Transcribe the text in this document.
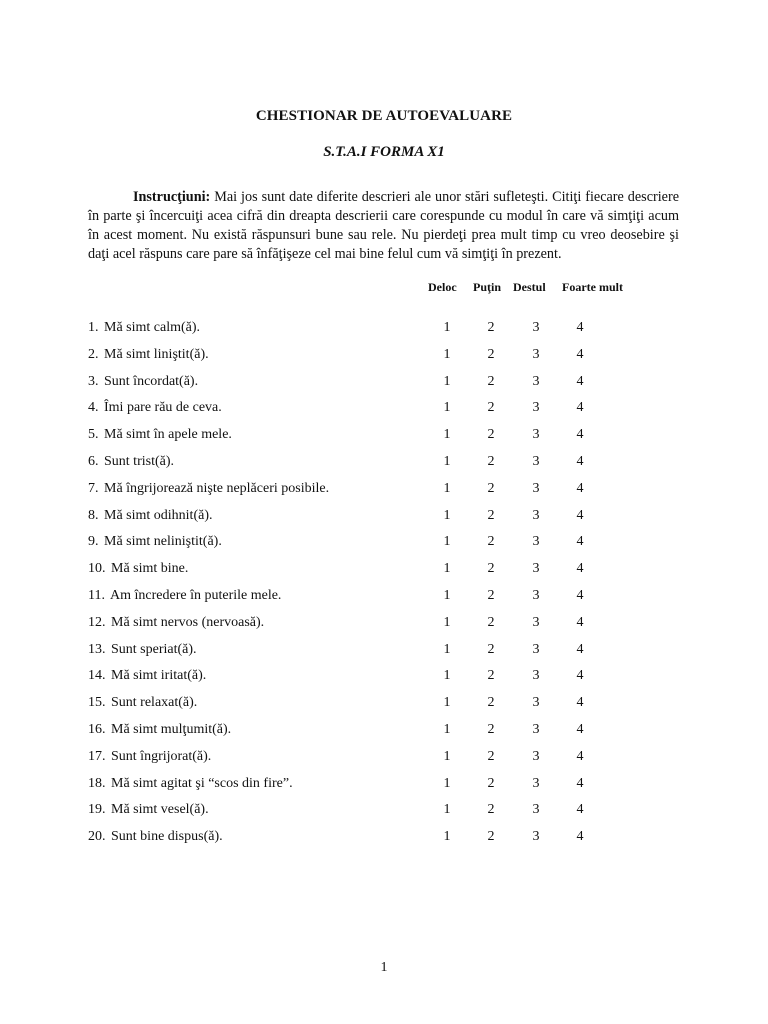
CHESTIONAR DE AUTOEVALUARE
S.T.A.I FORMA X1
Instrucţiuni: Mai jos sunt date diferite descrieri ale unor stări sufleteşti. Citiţi fiecare descriere în parte şi încercuiţi acea cifră din dreapta descrierii care corespunde cu modul în care vă simţiţi acum în acest moment. Nu există răspunsuri bune sau rele. Nu pierdeţi prea mult timp cu vreo deosebire şi daţi acel răspuns care pare să înfăţişeze cel mai bine felul cum vă simţiţi în prezent.
Deloc Puţin Destul Foarte mult
1. Mă simt calm(ă).	1	2	3	4
2. Mă simt liniştit(ă).	1	2	3	4
3. Sunt încordat(ă).	1	2	3	4
4. Îmi pare rău de ceva.	1	2	3	4
5. Mă simt în apele mele.	1	2	3	4
6. Sunt trist(ă).	1	2	3	4
7. Mă îngrijorează nişte neplăceri posibile.	1	2	3	4
8. Mă simt odihnit(ă).	1	2	3	4
9. Mă simt neliniştit(ă).	1	2	3	4
10. Mă simt bine.	1	2	3	4
11. Am încredere în puterile mele.	1	2	3	4
12. Mă simt nervos (nervoasă).	1	2	3	4
13. Sunt speriat(ă).	1	2	3	4
14. Mă simt iritat(ă).	1	2	3	4
15. Sunt relaxat(ă).	1	2	3	4
16. Mă simt mulţumit(ă).	1	2	3	4
17. Sunt îngrijorat(ă).	1	2	3	4
18. Mă simt agitat şi “scos din fire”.	1	2	3	4
19. Mă simt vesel(ă).	1	2	3	4
20. Sunt bine dispus(ă).	1	2	3	4
1
